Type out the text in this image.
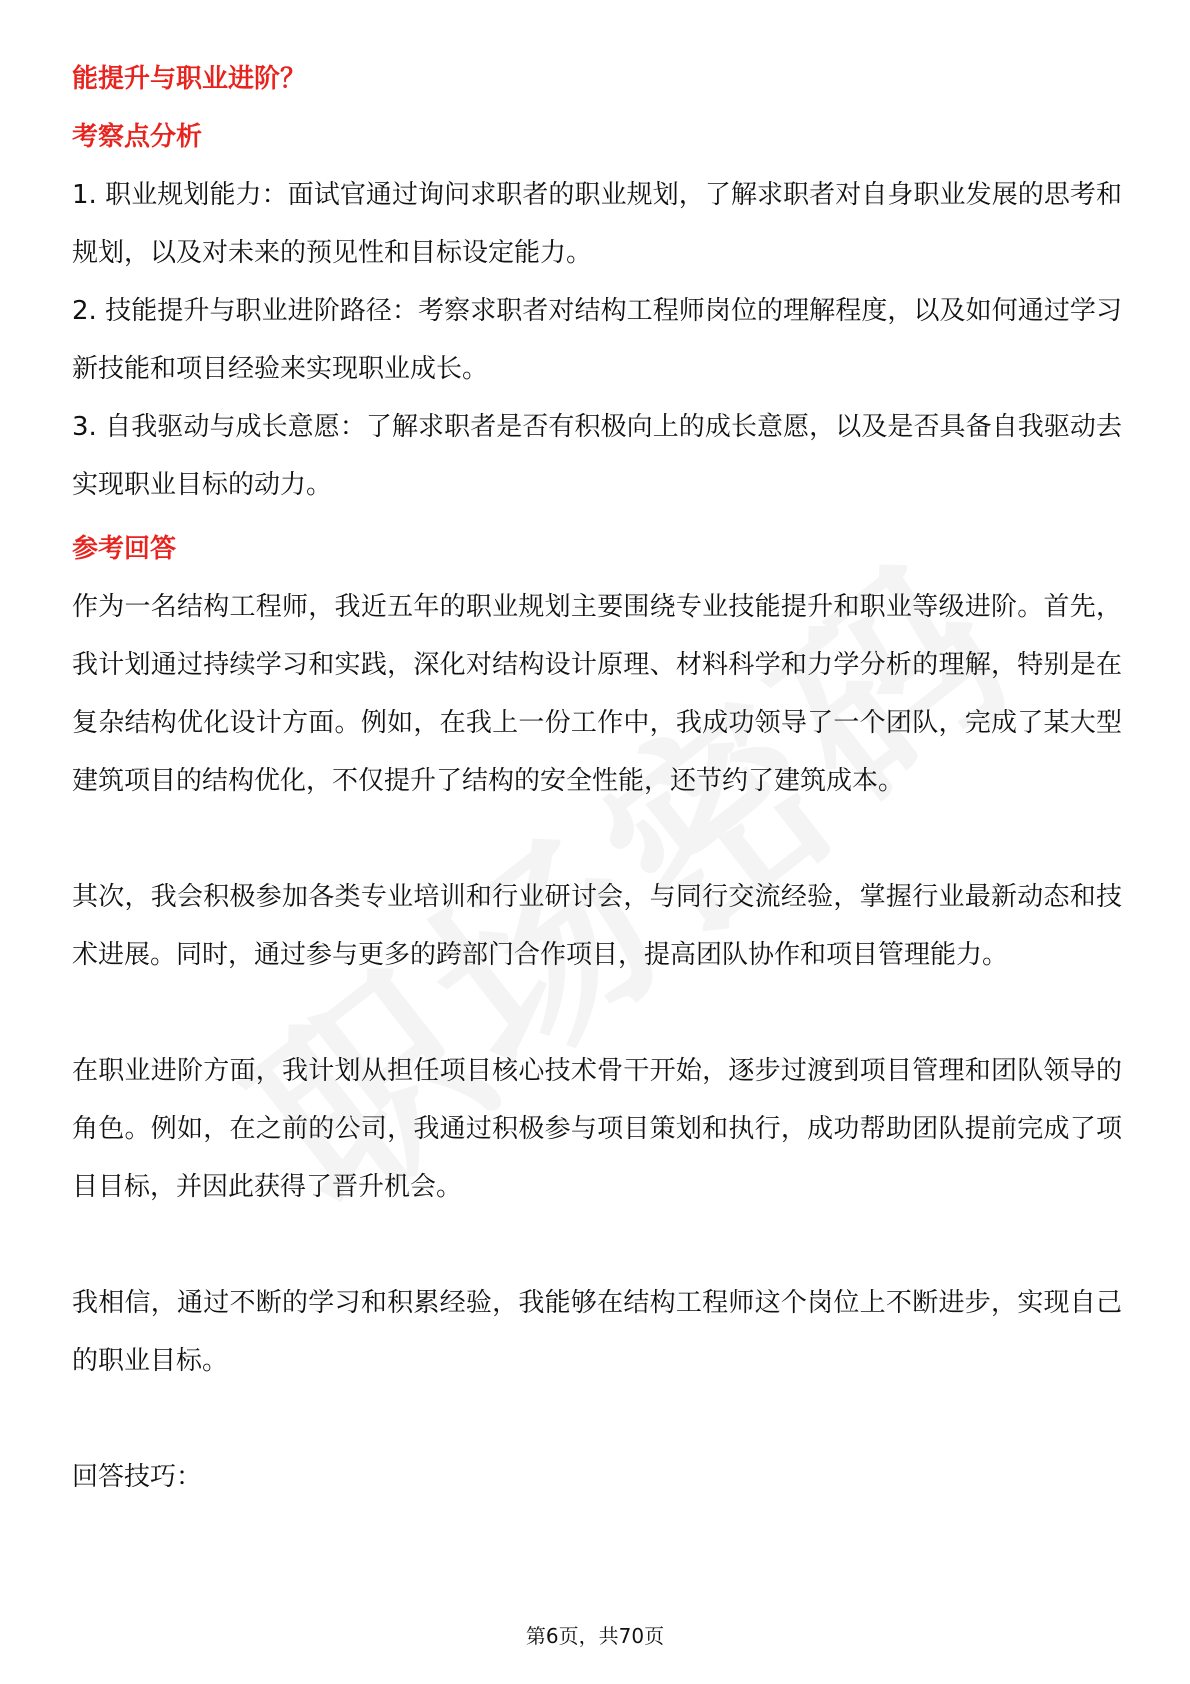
能提升与职业进阶？

考察点分析

1. 职业规划能力：面试官通过询问求职者的职业规划，了解求职者对自身职业发展的思考和规划，以及对未来的预见性和目标设定能力。

2. 技能提升与职业进阶路径：考察求职者对结构工程师岗位的理解程度，以及如何通过学习新技能和项目经验来实现职业成长。

3. 自我驱动与成长意愿：了解求职者是否有积极向上的成长意愿，以及是否具备自我驱动去实现职业目标的动力。

参考回答

作为一名结构工程师，我近五年的职业规划主要围绕专业技能提升和职业等级进阶。首先，我计划通过持续学习和实践，深化对结构设计原理、材料科学和力学分析的理解，特别是在复杂结构优化设计方面。例如，在我上一份工作中，我成功领导了一个团队，完成了某大型建筑项目的结构优化，不仅提升了结构的安全性能，还节约了建筑成本。

其次，我会积极参加各类专业培训和行业研讨会，与同行交流经验，掌握行业最新动态和技术进展。同时，通过参与更多的跨部门合作项目，提高团队协作和项目管理能力。

在职业进阶方面，我计划从担任项目核心技术骨干开始，逐步过渡到项目管理和团队领导的角色。例如，在之前的公司，我通过积极参与项目策划和执行，成功帮助团队提前完成了项目目标，并因此获得了晋升机会。

我相信，通过不断的学习和积累经验，我能够在结构工程师这个岗位上不断进步，实现自己的职业目标。

回答技巧：

第6页，共70页
